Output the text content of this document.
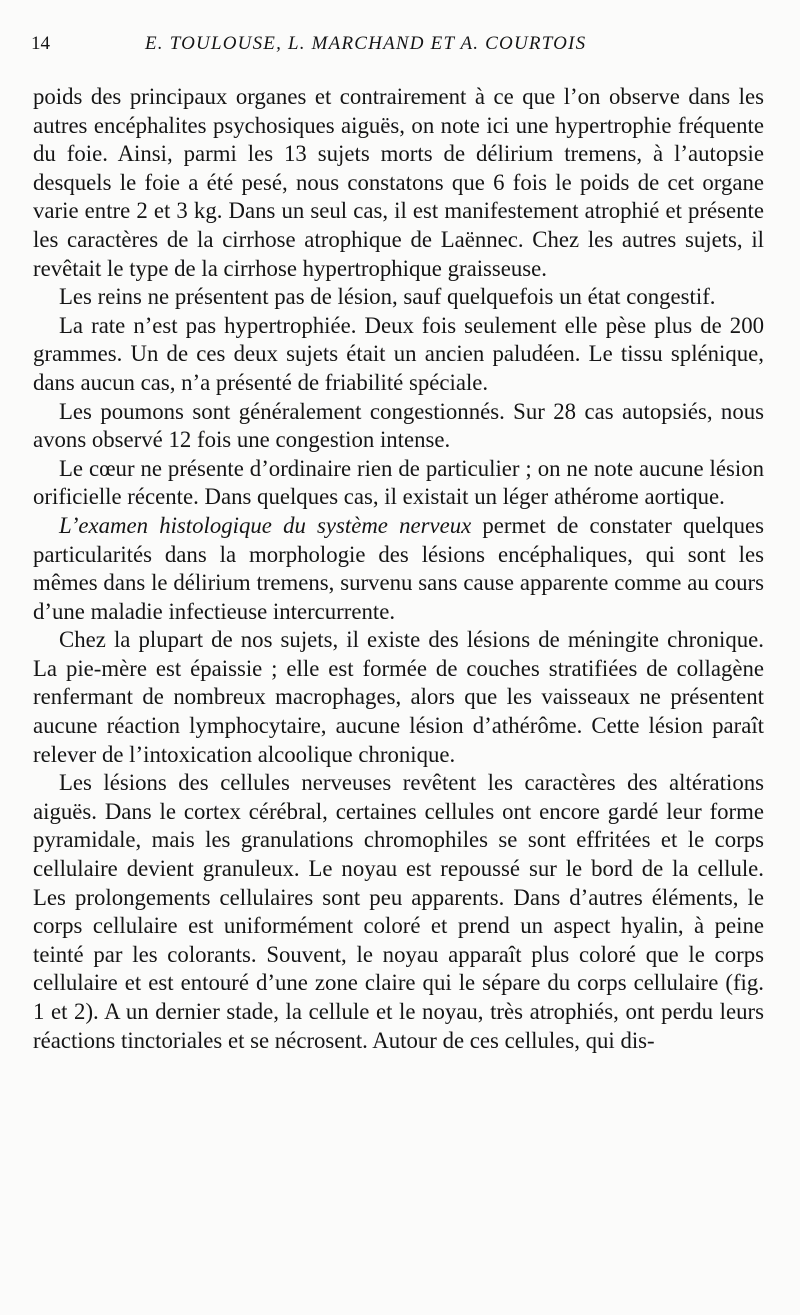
14	E. TOULOUSE, L. MARCHAND ET A. COURTOIS

poids des principaux organes et contrairement à ce que l’on observe dans les autres encéphalites psychosiques aiguës, on note ici une hypertrophie fréquente du foie. Ainsi, parmi les 13 sujets morts de délirium tremens, à l’autopsie desquels le foie a été pesé, nous constatons que 6 fois le poids de cet organe varie entre 2 et 3 kg. Dans un seul cas, il est manifestement atrophié et présente les caractères de la cirrhose atrophique de Laënnec. Chez les autres sujets, il revêtait le type de la cirrhose hypertrophique graisseuse.

Les reins ne présentent pas de lésion, sauf quelquefois un état congestif.

La rate n’est pas hypertrophiée. Deux fois seulement elle pèse plus de 200 grammes. Un de ces deux sujets était un ancien paludéen. Le tissu splénique, dans aucun cas, n’a présenté de friabilité spéciale.

Les poumons sont généralement congestionnés. Sur 28 cas autopsiés, nous avons observé 12 fois une congestion intense.

Le cœur ne présente d’ordinaire rien de particulier ; on ne note aucune lésion orificielle récente. Dans quelques cas, il existait un léger athérome aortique.

L’examen histologique du système nerveux permet de constater quelques particularités dans la morphologie des lésions encéphaliques, qui sont les mêmes dans le délirium tremens, survenu sans cause apparente comme au cours d’une maladie infectieuse intercurrente.

Chez la plupart de nos sujets, il existe des lésions de méningite chronique. La pie-mère est épaissie ; elle est formée de couches stratifiées de collagène renfermant de nombreux macrophages, alors que les vaisseaux ne présentent aucune réaction lymphocytaire, aucune lésion d’athérôme. Cette lésion paraît relever de l’intoxication alcoolique chronique.

Les lésions des cellules nerveuses revêtent les caractères des altérations aiguës. Dans le cortex cérébral, certaines cellules ont encore gardé leur forme pyramidale, mais les granulations chromophiles se sont effritées et le corps cellulaire devient granuleux. Le noyau est repoussé sur le bord de la cellule. Les prolongements cellulaires sont peu apparents. Dans d’autres éléments, le corps cellulaire est uniformément coloré et prend un aspect hyalin, à peine teinté par les colorants. Souvent, le noyau apparaît plus coloré que le corps cellulaire et est entouré d’une zone claire qui le sépare du corps cellulaire (fig. 1 et 2). A un dernier stade, la cellule et le noyau, très atrophiés, ont perdu leurs réactions tinctoriales et se nécrosent. Autour de ces cellules, qui dis-
